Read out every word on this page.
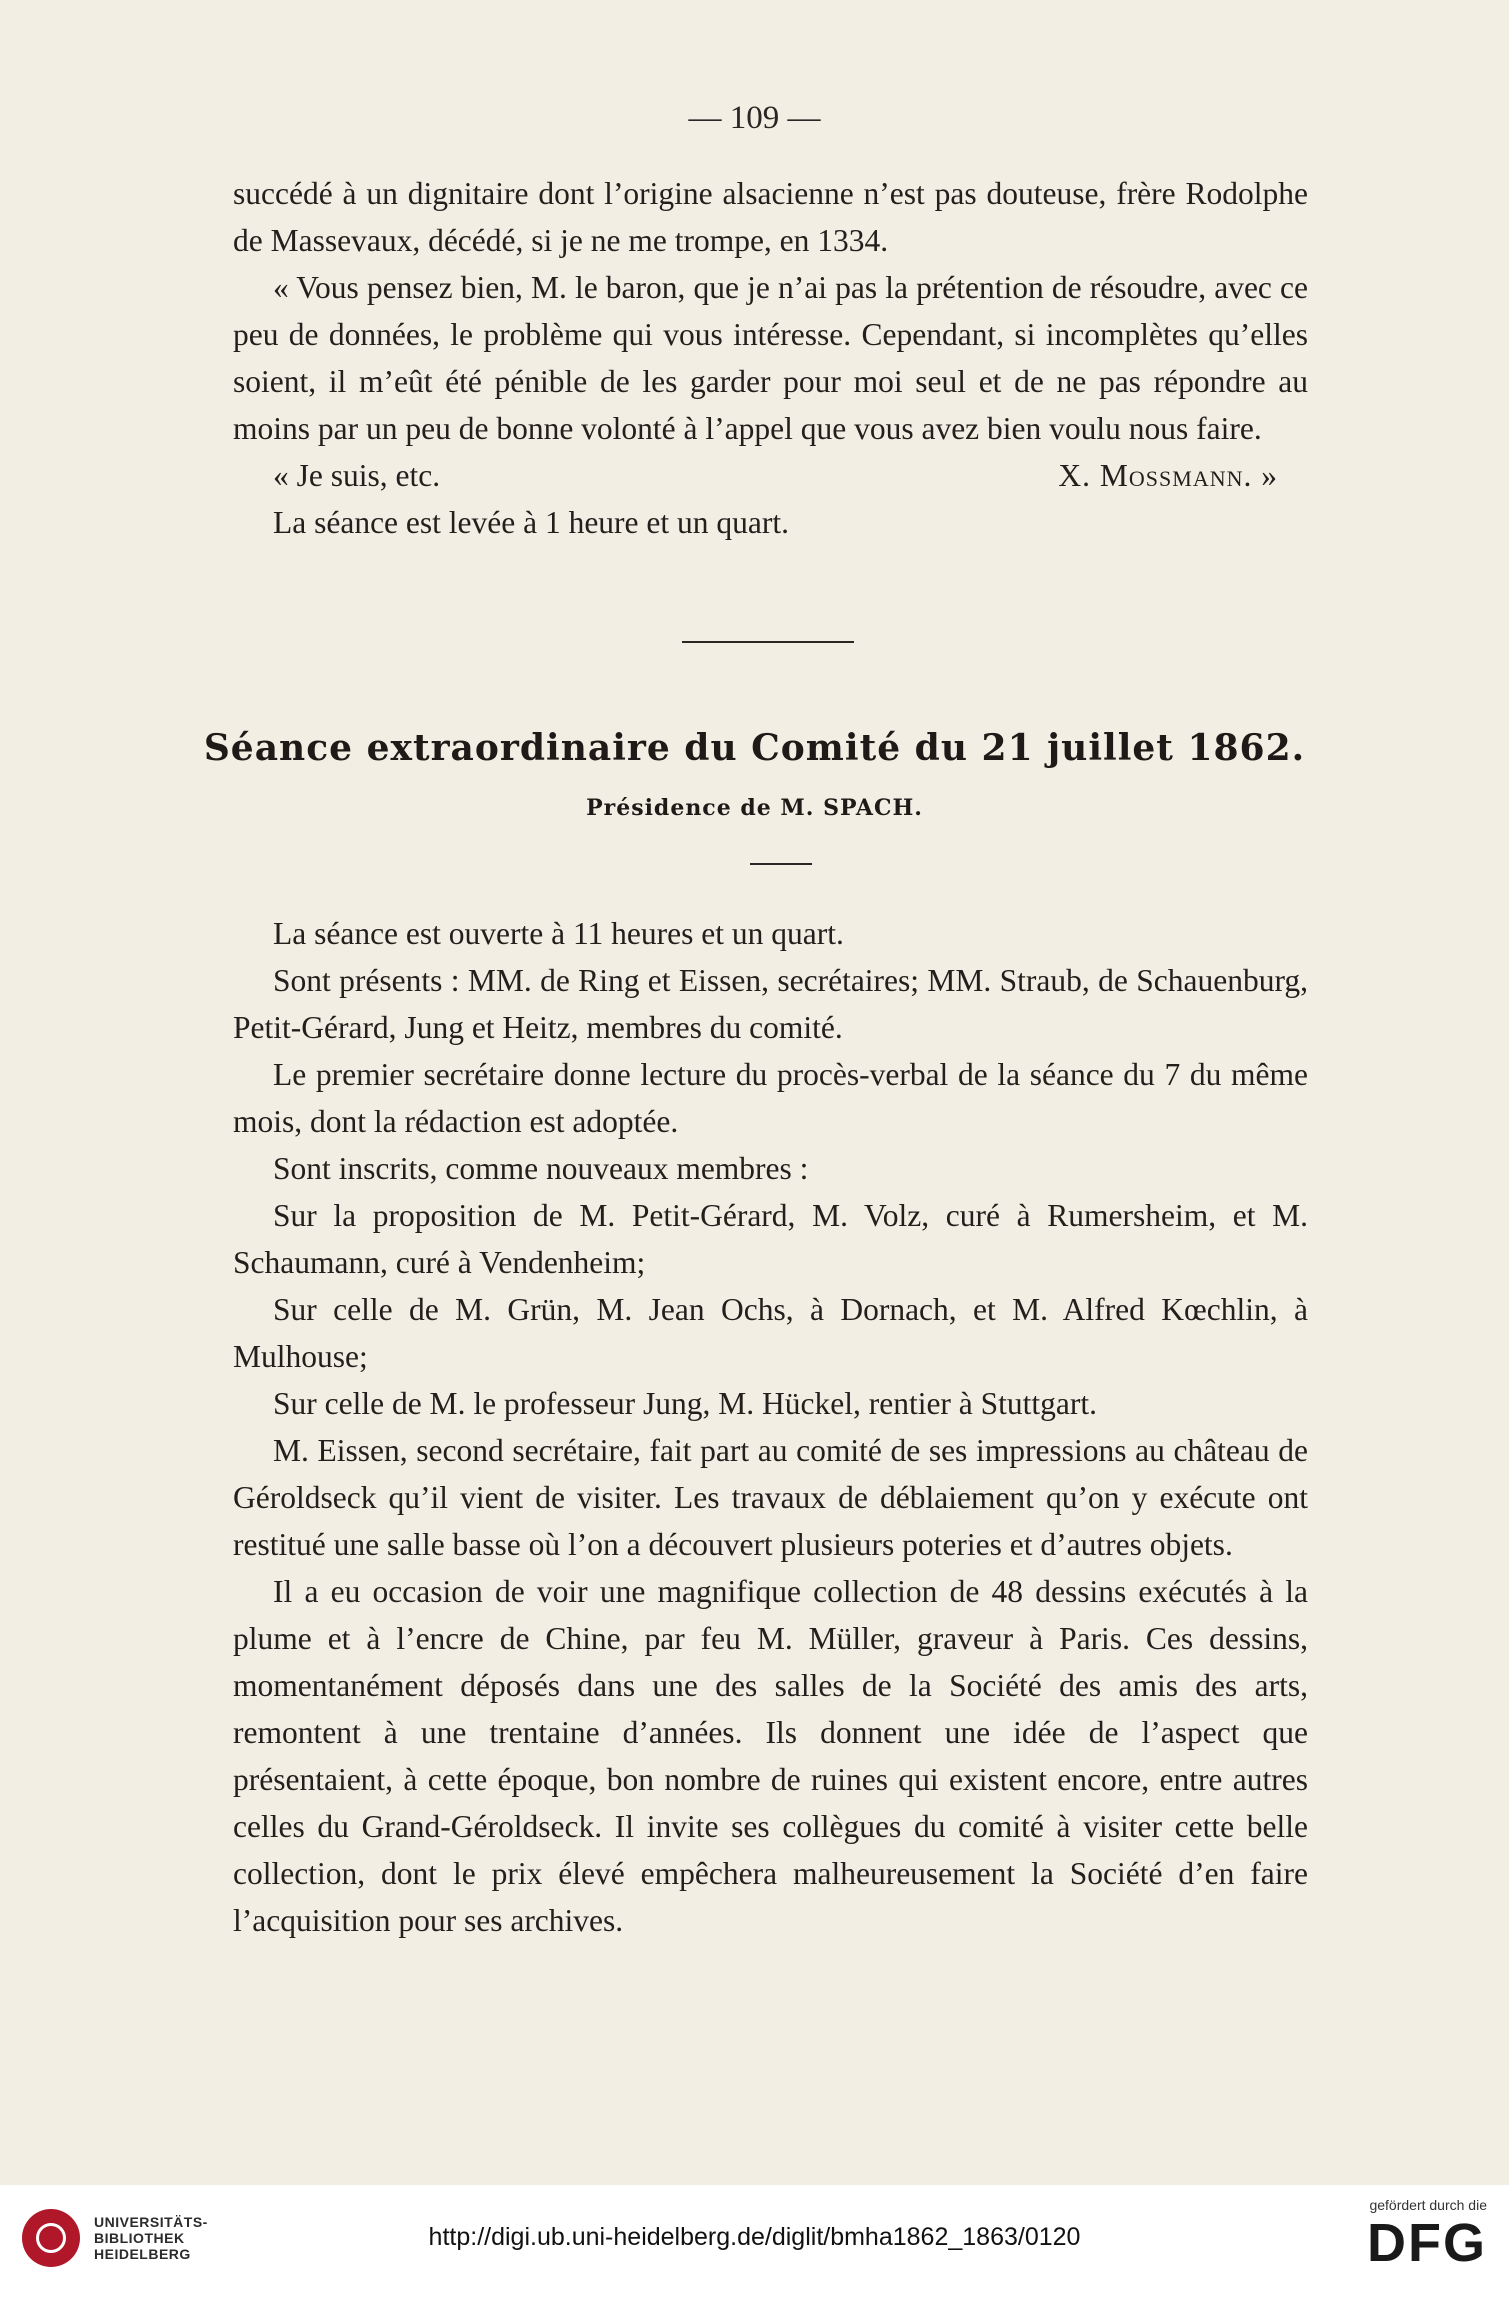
— 109 —

succédé à un dignitaire dont l’origine alsacienne n’est pas douteuse, frère Rodolphe de Massevaux, décédé, si je ne me trompe, en 1334.

« Vous pensez bien, M. le baron, que je n’ai pas la prétention de résoudre, avec ce peu de données, le problème qui vous intéresse. Cependant, si incomplètes qu’elles soient, il m’eût été pénible de les garder pour moi seul et de ne pas répondre au moins par un peu de bonne volonté à l’appel que vous avez bien voulu nous faire.

« Je suis, etc.	X. Mossmann. »

La séance est levée à 1 heure et un quart.

Séance extraordinaire du Comité du 21 juillet 1862.
Présidence de M. SPACH.

La séance est ouverte à 11 heures et un quart.

Sont présents : MM. de Ring et Eissen, secrétaires; MM. Straub, de Schauenburg, Petit-Gérard, Jung et Heitz, membres du comité.

Le premier secrétaire donne lecture du procès-verbal de la séance du 7 du même mois, dont la rédaction est adoptée.

Sont inscrits, comme nouveaux membres :

Sur la proposition de M. Petit-Gérard, M. Volz, curé à Rumersheim, et M. Schaumann, curé à Vendenheim;

Sur celle de M. Grün, M. Jean Ochs, à Dornach, et M. Alfred Kœchlin, à Mulhouse;

Sur celle de M. le professeur Jung, M. Hückel, rentier à Stuttgart.

M. Eissen, second secrétaire, fait part au comité de ses impressions au château de Géroldseck qu’il vient de visiter. Les travaux de déblaiement qu’on y exécute ont restitué une salle basse où l’on a découvert plusieurs poteries et d’autres objets.

Il a eu occasion de voir une magnifique collection de 48 dessins exécutés à la plume et à l’encre de Chine, par feu M. Müller, graveur à Paris. Ces dessins, momentanément déposés dans une des salles de la Société des amis des arts, remontent à une trentaine d’années. Ils donnent une idée de l’aspect que présentaient, à cette époque, bon nombre de ruines qui existent encore, entre autres celles du Grand-Géroldseck. Il invite ses collègues du comité à visiter cette belle collection, dont le prix élevé empêchera malheureusement la Société d’en faire l’acquisition pour ses archives.

UNIVERSITÄTS-
BIBLIOTHEK
HEIDELBERG
http://digi.ub.uni-heidelberg.de/diglit/bmha1862_1863/0120
gefördert durch die
DFG
